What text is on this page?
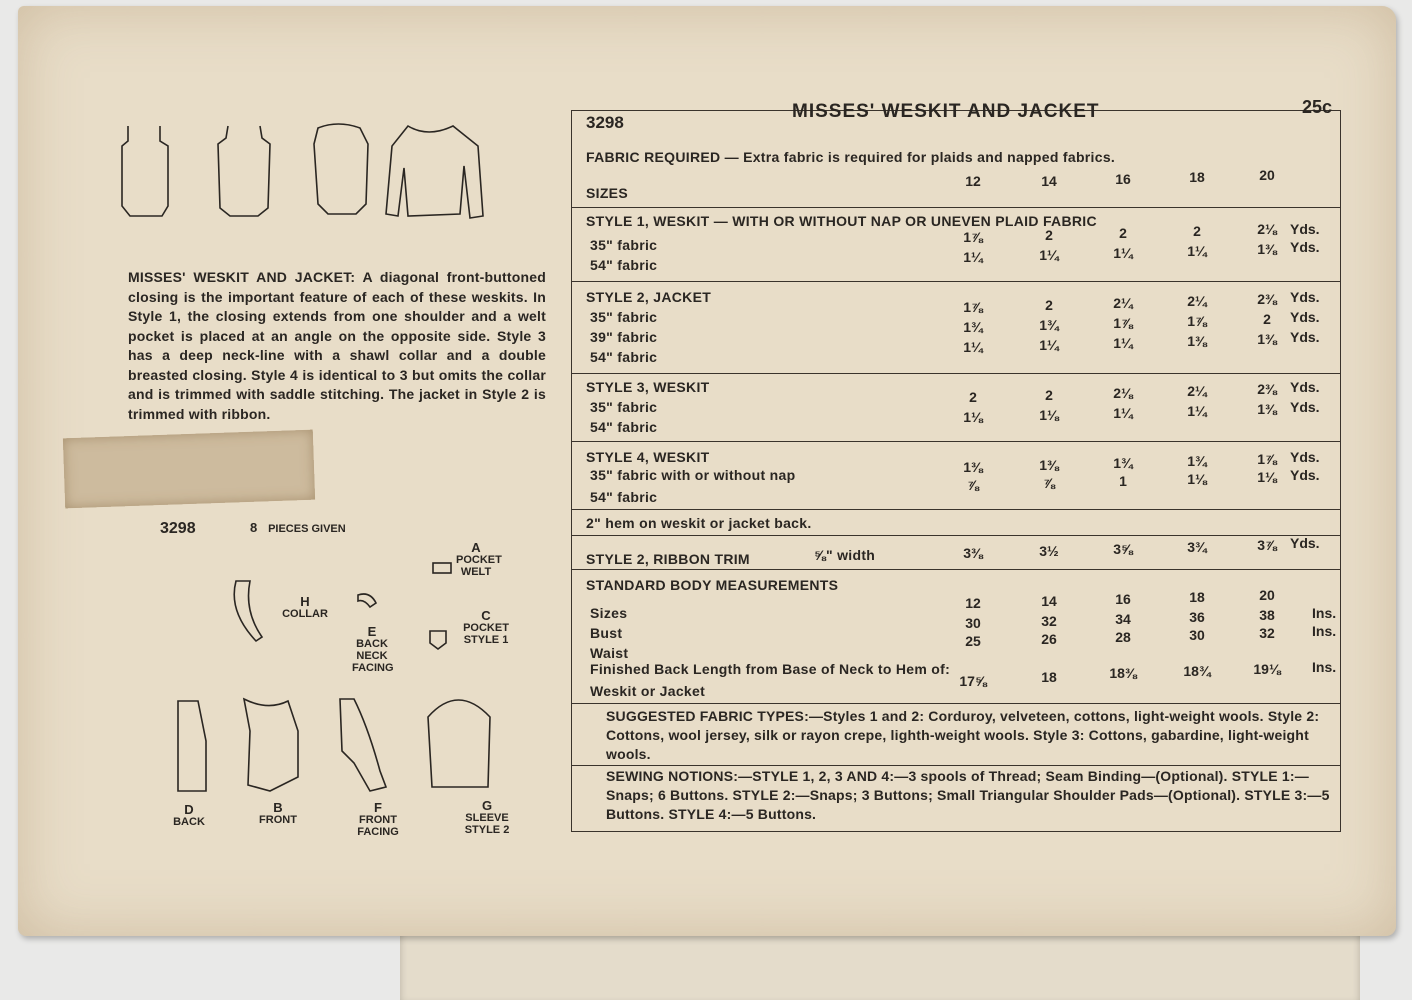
MISSES' WESKIT AND JACKET: A diagonal front-buttoned closing is the important feature of each of these weskits. In Style 1, the closing extends from one shoulder and a welt pocket is placed at an angle on the opposite side. Style 3 has a deep neck-line with a shawl collar and a double breasted closing. Style 4 is identical to 3 but omits the collar and is trimmed with saddle stitching. The jacket in Style 2 is trimmed with ribbon.
3298	8 PIECES GIVEN
A
POCKET WELT
H
COLLAR
E
BACK NECK FACING
C
POCKET STYLE 1
D
BACK
B
FRONT
F
FRONT FACING
G
SLEEVE STYLE 2
3298
MISSES' WESKIT AND JACKET	25c
FABRIC REQUIRED — Extra fabric is required for plaids and napped fabrics.
SIZES
12	14	16	18	20
STYLE 1, WESKIT — WITH OR WITHOUT NAP OR UNEVEN PLAID FABRIC
35" fabric	1⅞	2	2	2	2⅛ Yds.
54" fabric	1¼	1¼	1¼	1¼	1⅜ Yds.
STYLE 2, JACKET
35" fabric
1⅞	2	2¼	2¼	2⅜ Yds.
39" fabric
1¾	1¾	1⅞	1⅞	2	Yds.
54" fabric
1¼	1¼	1¼	1⅜	1⅜ Yds.
STYLE 3, WESKIT
35" fabric
2	2	2⅛	2¼	2⅜ Yds.
54" fabric
1⅛	1⅛	1¼	1¼	1⅜ Yds.
STYLE 4, WESKIT
35" fabric with or without nap	1⅜	1⅜	1¾	1¾	1⅞ Yds.
54" fabric
⅞	⅞	1	1⅛	1⅛ Yds.
2" hem on weskit or jacket back.
STYLE 2, RIBBON TRIM	⅝" width	3⅜	3½	3⅝	3¾	3⅞ Yds.
STANDARD BODY MEASUREMENTS
Sizes
12	14	16	18	20
Bust
30	32	34	36	38	Ins.
Waist
25	26	28	30	32	Ins.
Finished Back Length from Base of Neck to Hem of:
Weskit or Jacket
17⅝	18	18⅜	18¾	19⅛	Ins.
SUGGESTED FABRIC TYPES:—Styles 1 and 2: Corduroy, velveteen, cottons, light-weight wools. Style 2: Cottons, wool jersey, silk or rayon crepe, lighth-weight wools. Style 3: Cottons, gabardine, light-weight wools.
SEWING NOTIONS:—STYLE 1, 2, 3 AND 4:—3 spools of Thread; Seam Binding—(Optional). STYLE 1:—Snaps; 6 Buttons. STYLE 2:—Snaps; 3 Buttons; Small Triangular Shoulder Pads—(Optional). STYLE 3:—5 Buttons. STYLE 4:—5 Buttons.
